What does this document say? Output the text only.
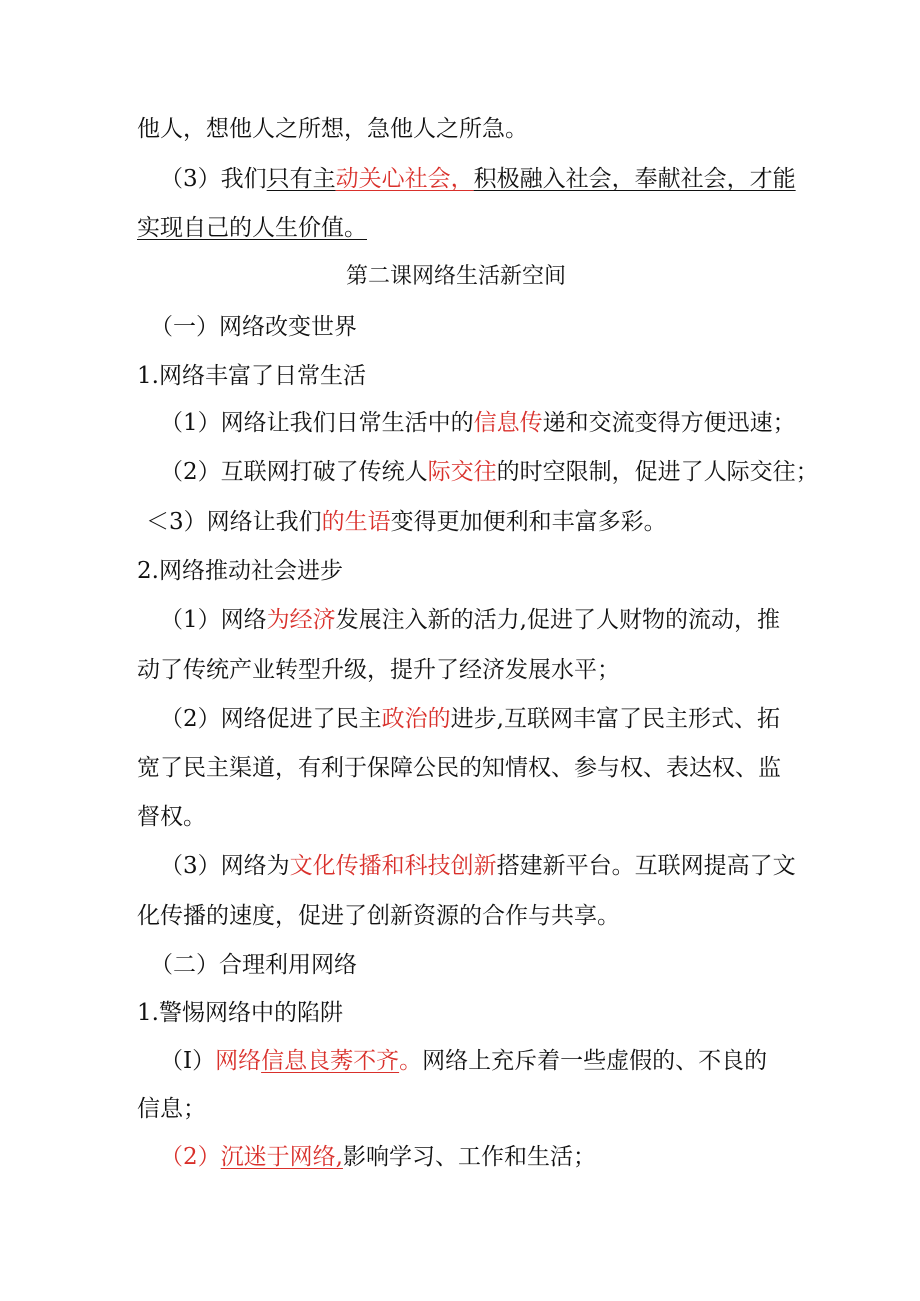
他人，想他人之所想，急他人之所急。
（3）我们只有主动关心社会，积极融入社会，奉献社会，才能
实现自己的人生价值。
第二课网络生活新空间
（一）网络改变世界
1.网络丰富了日常生活
（1）网络让我们日常生活中的信息传递和交流变得方便迅速；
（2）互联网打破了传统人际交往的时空限制，促进了人际交往；
＜3）网络让我们的生语变得更加便利和丰富多彩。
2.网络推动社会进步
（1）网络为经济发展注入新的活力,促进了人财物的流动，推
动了传统产业转型升级，提升了经济发展水平；
（2）网络促进了民主政治的进步,互联网丰富了民主形式、拓
宽了民主渠道，有利于保障公民的知情权、参与权、表达权、监
督权。
（3）网络为文化传播和科技创新搭建新平台。互联网提高了文
化传播的速度，促进了创新资源的合作与共享。
（二）合理利用网络
1.警惕网络中的陷阱
（I）网络信息良莠不齐。网络上充斥着一些虚假的、不良的
信息；
（2）沉迷于网络,影响学习、工作和生活；
